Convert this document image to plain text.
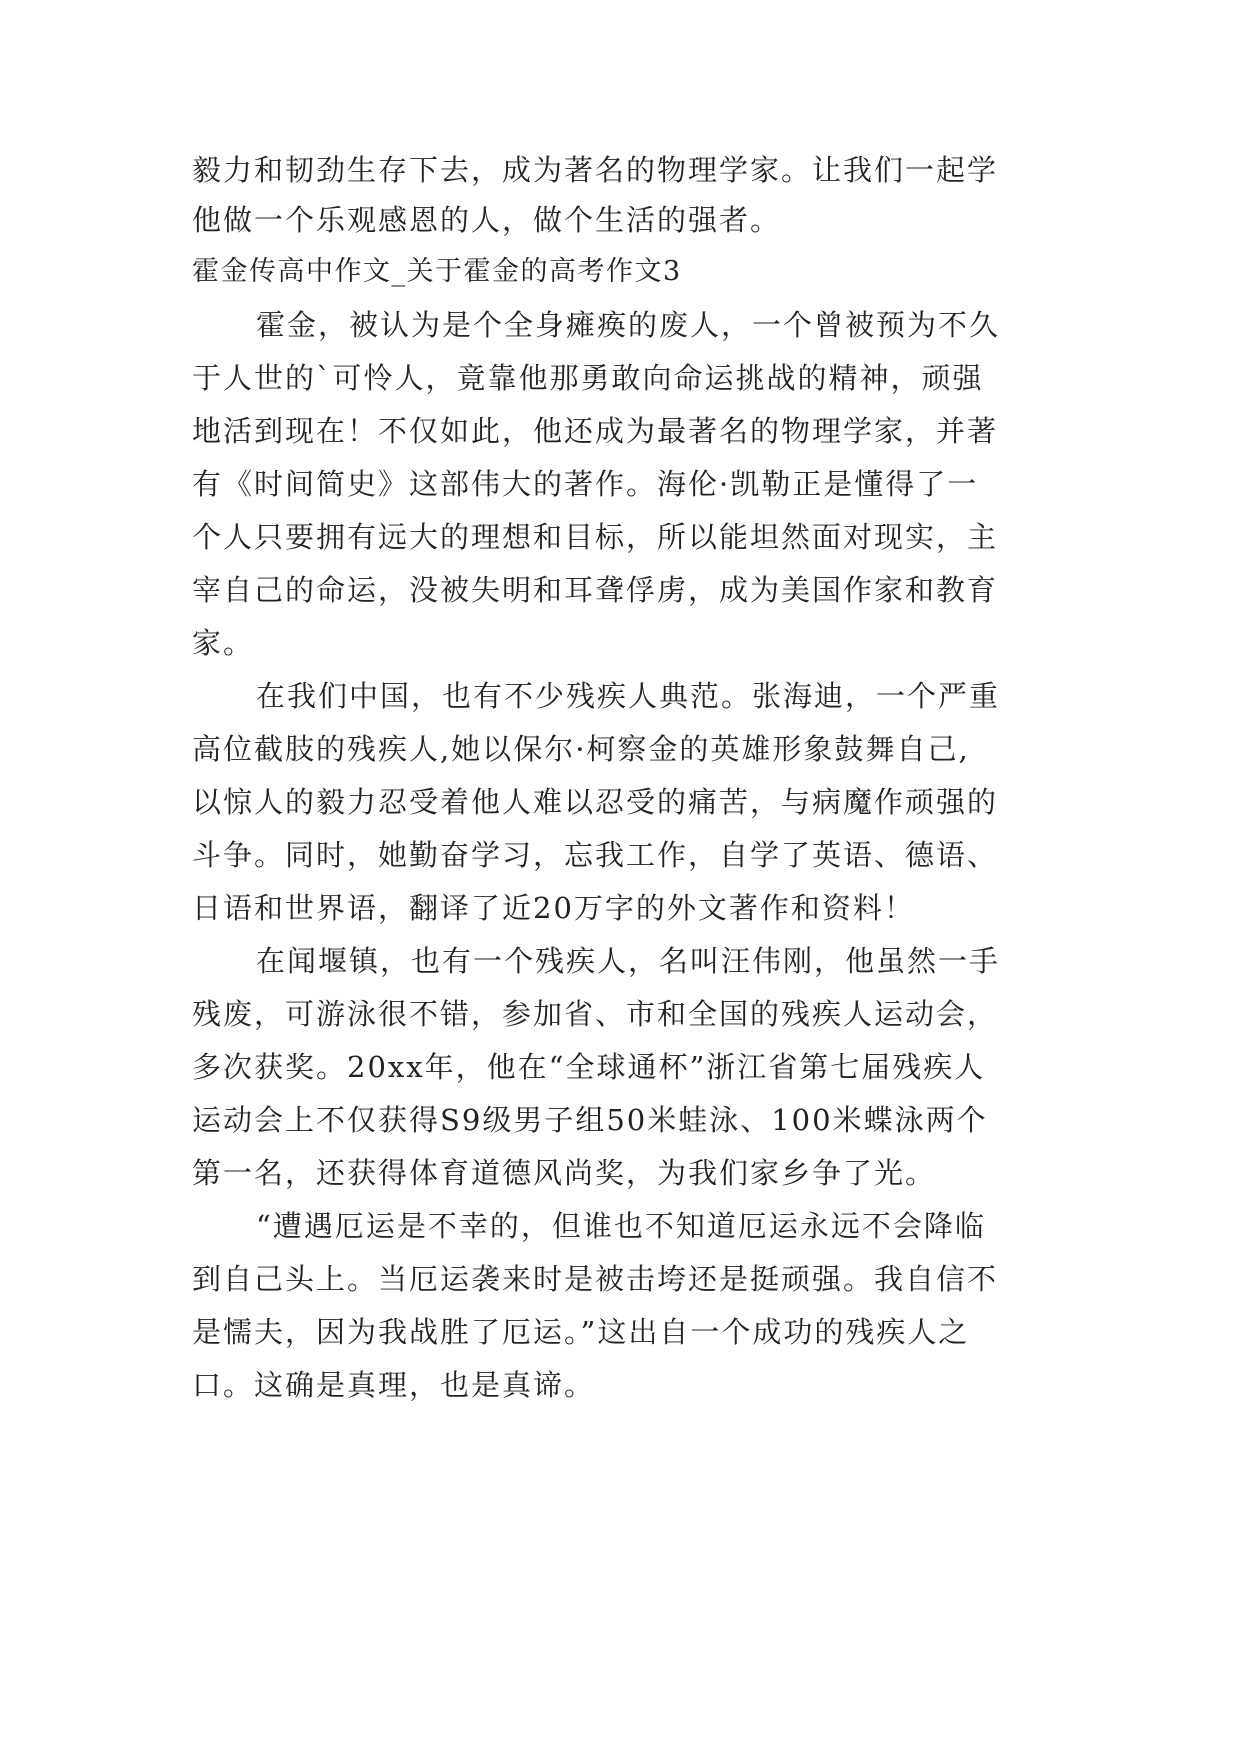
毅力和韧劲生存下去，成为著名的物理学家。让我们一起学
他做一个乐观感恩的人，做个生活的强者。
霍金传高中作文_关于霍金的高考作文3
霍金，被认为是个全身瘫痪的废人，一个曾被预为不久
于人世的`可怜人，竟靠他那勇敢向命运挑战的精神，顽强
地活到现在！不仅如此，他还成为最著名的物理学家，并著
有《时间简史》这部伟大的著作。海伦·凯勒正是懂得了一
个人只要拥有远大的理想和目标，所以能坦然面对现实，主
宰自己的命运，没被失明和耳聋俘虏，成为美国作家和教育
家。
在我们中国，也有不少残疾人典范。张海迪，一个严重
高位截肢的残疾人,她以保尔·柯察金的英雄形象鼓舞自己,
以惊人的毅力忍受着他人难以忍受的痛苦，与病魔作顽强的
斗争。同时，她勤奋学习，忘我工作，自学了英语、德语、
日语和世界语，翻译了近20万字的外文著作和资料！
在闻堰镇，也有一个残疾人，名叫汪伟刚，他虽然一手
残废，可游泳很不错，参加省、市和全国的残疾人运动会，
多次获奖。20xx年，他在“全球通杯”浙江省第七届残疾人
运动会上不仅获得S9级男子组50米蛙泳、100米蝶泳两个
第一名，还获得体育道德风尚奖，为我们家乡争了光。
“遭遇厄运是不幸的，但谁也不知道厄运永远不会降临
到自己头上。当厄运袭来时是被击垮还是挺顽强。我自信不
是懦夫，因为我战胜了厄运。”这出自一个成功的残疾人之
口。这确是真理，也是真谛。
